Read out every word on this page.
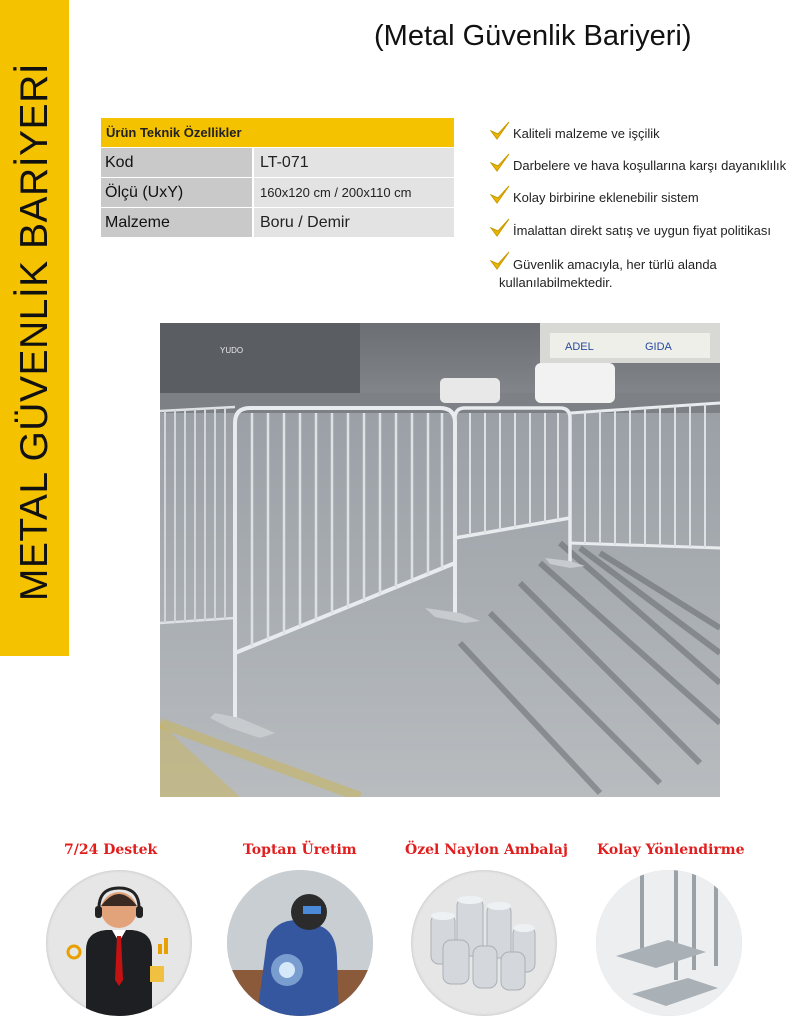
METAL GÜVENLİK BARİYERİ
(Metal Güvenlik Bariyeri)
Ürün Teknik Özellikler
Kod	LT-071
Ölçü (UxY)	160x120 cm / 200x110 cm
Malzeme	Boru / Demir
Kaliteli malzeme ve işçilik
Darbelere ve hava koşullarına karşı dayanıklılık
Kolay birbirine eklenebilir sistem
İmalattan direkt satış ve uygun fiyat politikası
Güvenlik amacıyla, her türlü alanda
kullanılabilmektedir.
ADEL	GIDA
YUDO
7/24 Destek	Toptan Üretim	Özel Naylon Ambalaj Kolay Yönlendirme
